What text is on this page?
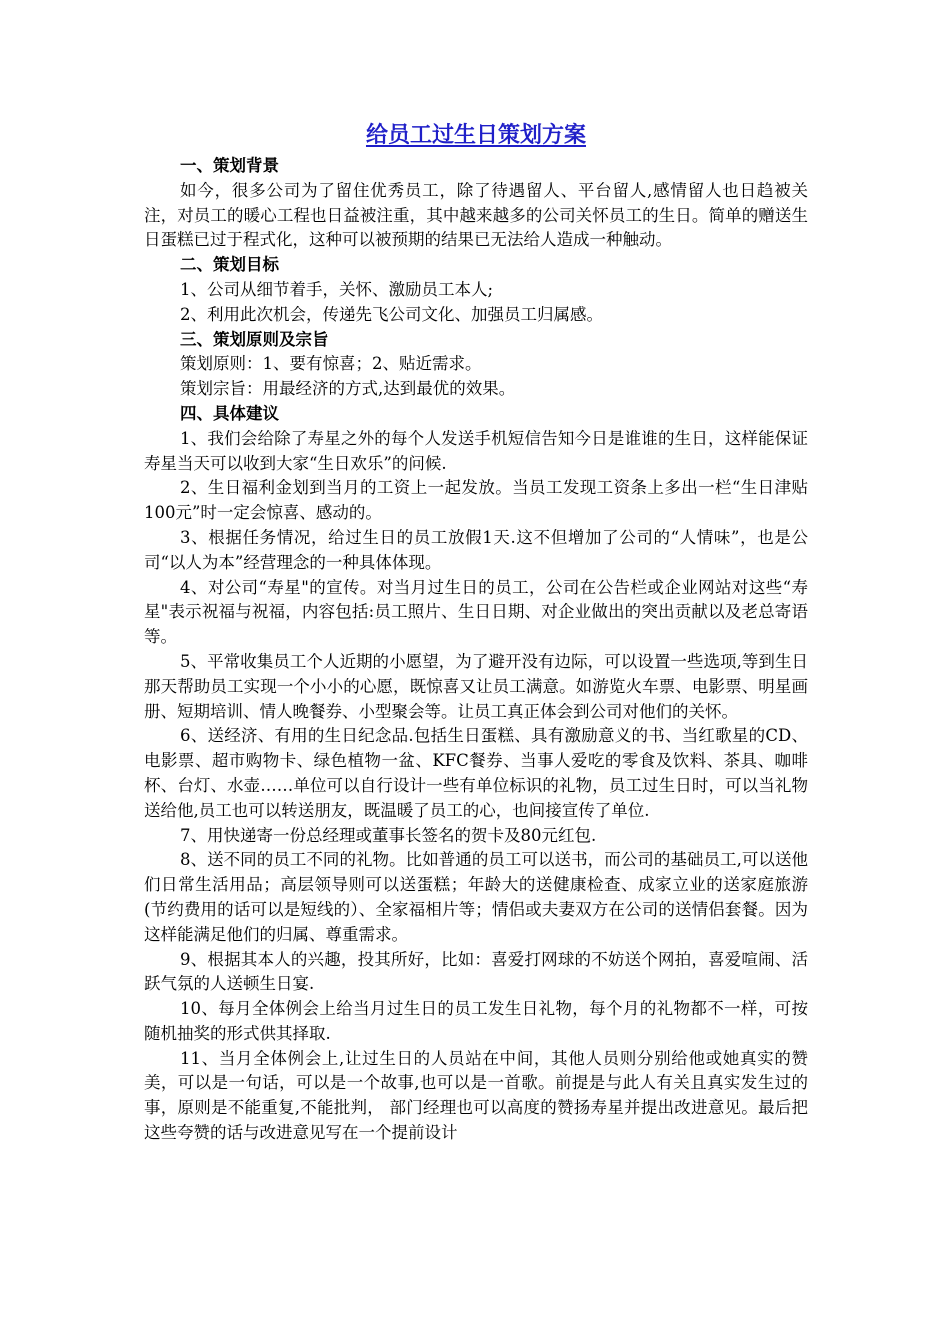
给员工过生日策划方案

一、策划背景

如今，很多公司为了留住优秀员工，除了待遇留人、平台留人,感情留人也日趋被关注，对员工的暖心工程也日益被注重，其中越来越多的公司关怀员工的生日。简单的赠送生日蛋糕已过于程式化，这种可以被预期的结果已无法给人造成一种触动。

二、策划目标

1、公司从细节着手，关怀、激励员工本人;

2、利用此次机会，传递先飞公司文化、加强员工归属感。

三、策划原则及宗旨

策划原则：1、要有惊喜；2、贴近需求。

策划宗旨：用最经济的方式,达到最优的效果。

四、具体建议

1、我们会给除了寿星之外的每个人发送手机短信告知今日是谁谁的生日，这样能保证寿星当天可以收到大家“生日欢乐”的问候.

2、生日福利金划到当月的工资上一起发放。当员工发现工资条上多出一栏“生日津贴100元”时一定会惊喜、感动的。

3、根据任务情况，给过生日的员工放假1天.这不但增加了公司的“人情味”，也是公司“以人为本”经营理念的一种具体体现。

4、对公司“寿星"的宣传。对当月过生日的员工，公司在公告栏或企业网站对这些“寿星"表示祝福与祝福，内容包括:员工照片、生日日期、对企业做出的突出贡献以及老总寄语等。

5、平常收集员工个人近期的小愿望，为了避开没有边际，可以设置一些选项,等到生日那天帮助员工实现一个小小的心愿，既惊喜又让员工满意。如游览火车票、电影票、明星画册、短期培训、情人晚餐券、小型聚会等。让员工真正体会到公司对他们的关怀。

6、送经济、有用的生日纪念品.包括生日蛋糕、具有激励意义的书、当红歌星的CD、电影票、超市购物卡、绿色植物一盆、KFC餐券、当事人爱吃的零食及饮料、茶具、咖啡杯、台灯、水壶……单位可以自行设计一些有单位标识的礼物，员工过生日时，可以当礼物送给他,员工也可以转送朋友，既温暖了员工的心，也间接宣传了单位.

7、用快递寄一份总经理或董事长签名的贺卡及80元红包.

8、送不同的员工不同的礼物。比如普通的员工可以送书，而公司的基础员工,可以送他们日常生活用品；高层领导则可以送蛋糕；年龄大的送健康检查、成家立业的送家庭旅游(节约费用的话可以是短线的）、全家福相片等；情侣或夫妻双方在公司的送情侣套餐。因为这样能满足他们的归属、尊重需求。

9、根据其本人的兴趣，投其所好，比如：喜爱打网球的不妨送个网拍，喜爱喧闹、活跃气氛的人送顿生日宴.

10、每月全体例会上给当月过生日的员工发生日礼物，每个月的礼物都不一样，可按随机抽奖的形式供其择取.

11、当月全体例会上,让过生日的人员站在中间，其他人员则分别给他或她真实的赞美，可以是一句话，可以是一个故事,也可以是一首歌。前提是与此人有关且真实发生过的事，原则是不能重复,不能批判， 部门经理也可以高度的赞扬寿星并提出改进意见。最后把这些夸赞的话与改进意见写在一个提前设计
